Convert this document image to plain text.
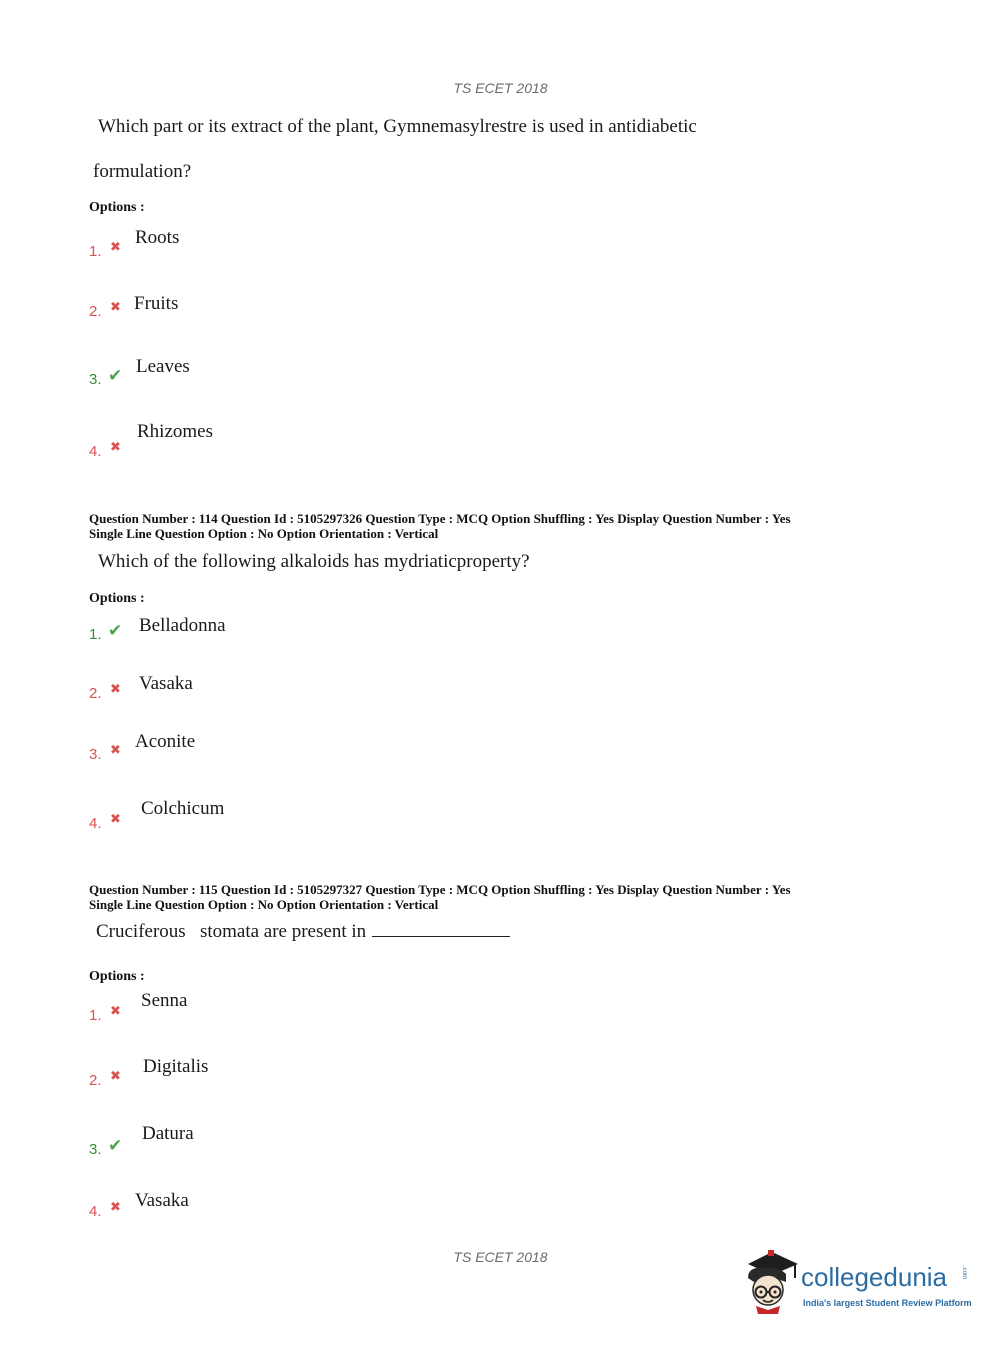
TS ECET 2018
Which part or its extract of the plant, Gymnemasylrestre is used in antidiabetic
formulation?
Options :
1. ✖ Roots
2. ✖ Fruits
3. ✔ Leaves
4. ✖
Rhizomes
Question Number : 114 Question Id : 5105297326 Question Type : MCQ Option Shuffling : Yes Display Question Number : Yes
Single Line Question Option : No Option Orientation : Vertical
Which of the following alkaloids has mydriaticproperty?
Options :
1. ✔ Belladonna
2. ✖ Vasaka
3. ✖ Aconite
4. ✖
Colchicum
Question Number : 115 Question Id : 5105297327 Question Type : MCQ Option Shuffling : Yes Display Question Number : Yes
Single Line Question Option : No Option Orientation : Vertical
Cruciferous   stomata are present in
Options :
1. ✖
Senna
2. ✖ Digitalis
3. ✔
Datura
4. ✖ Vasaka
TS ECET 2018
collegedunia .com
India's largest Student Review Platform
